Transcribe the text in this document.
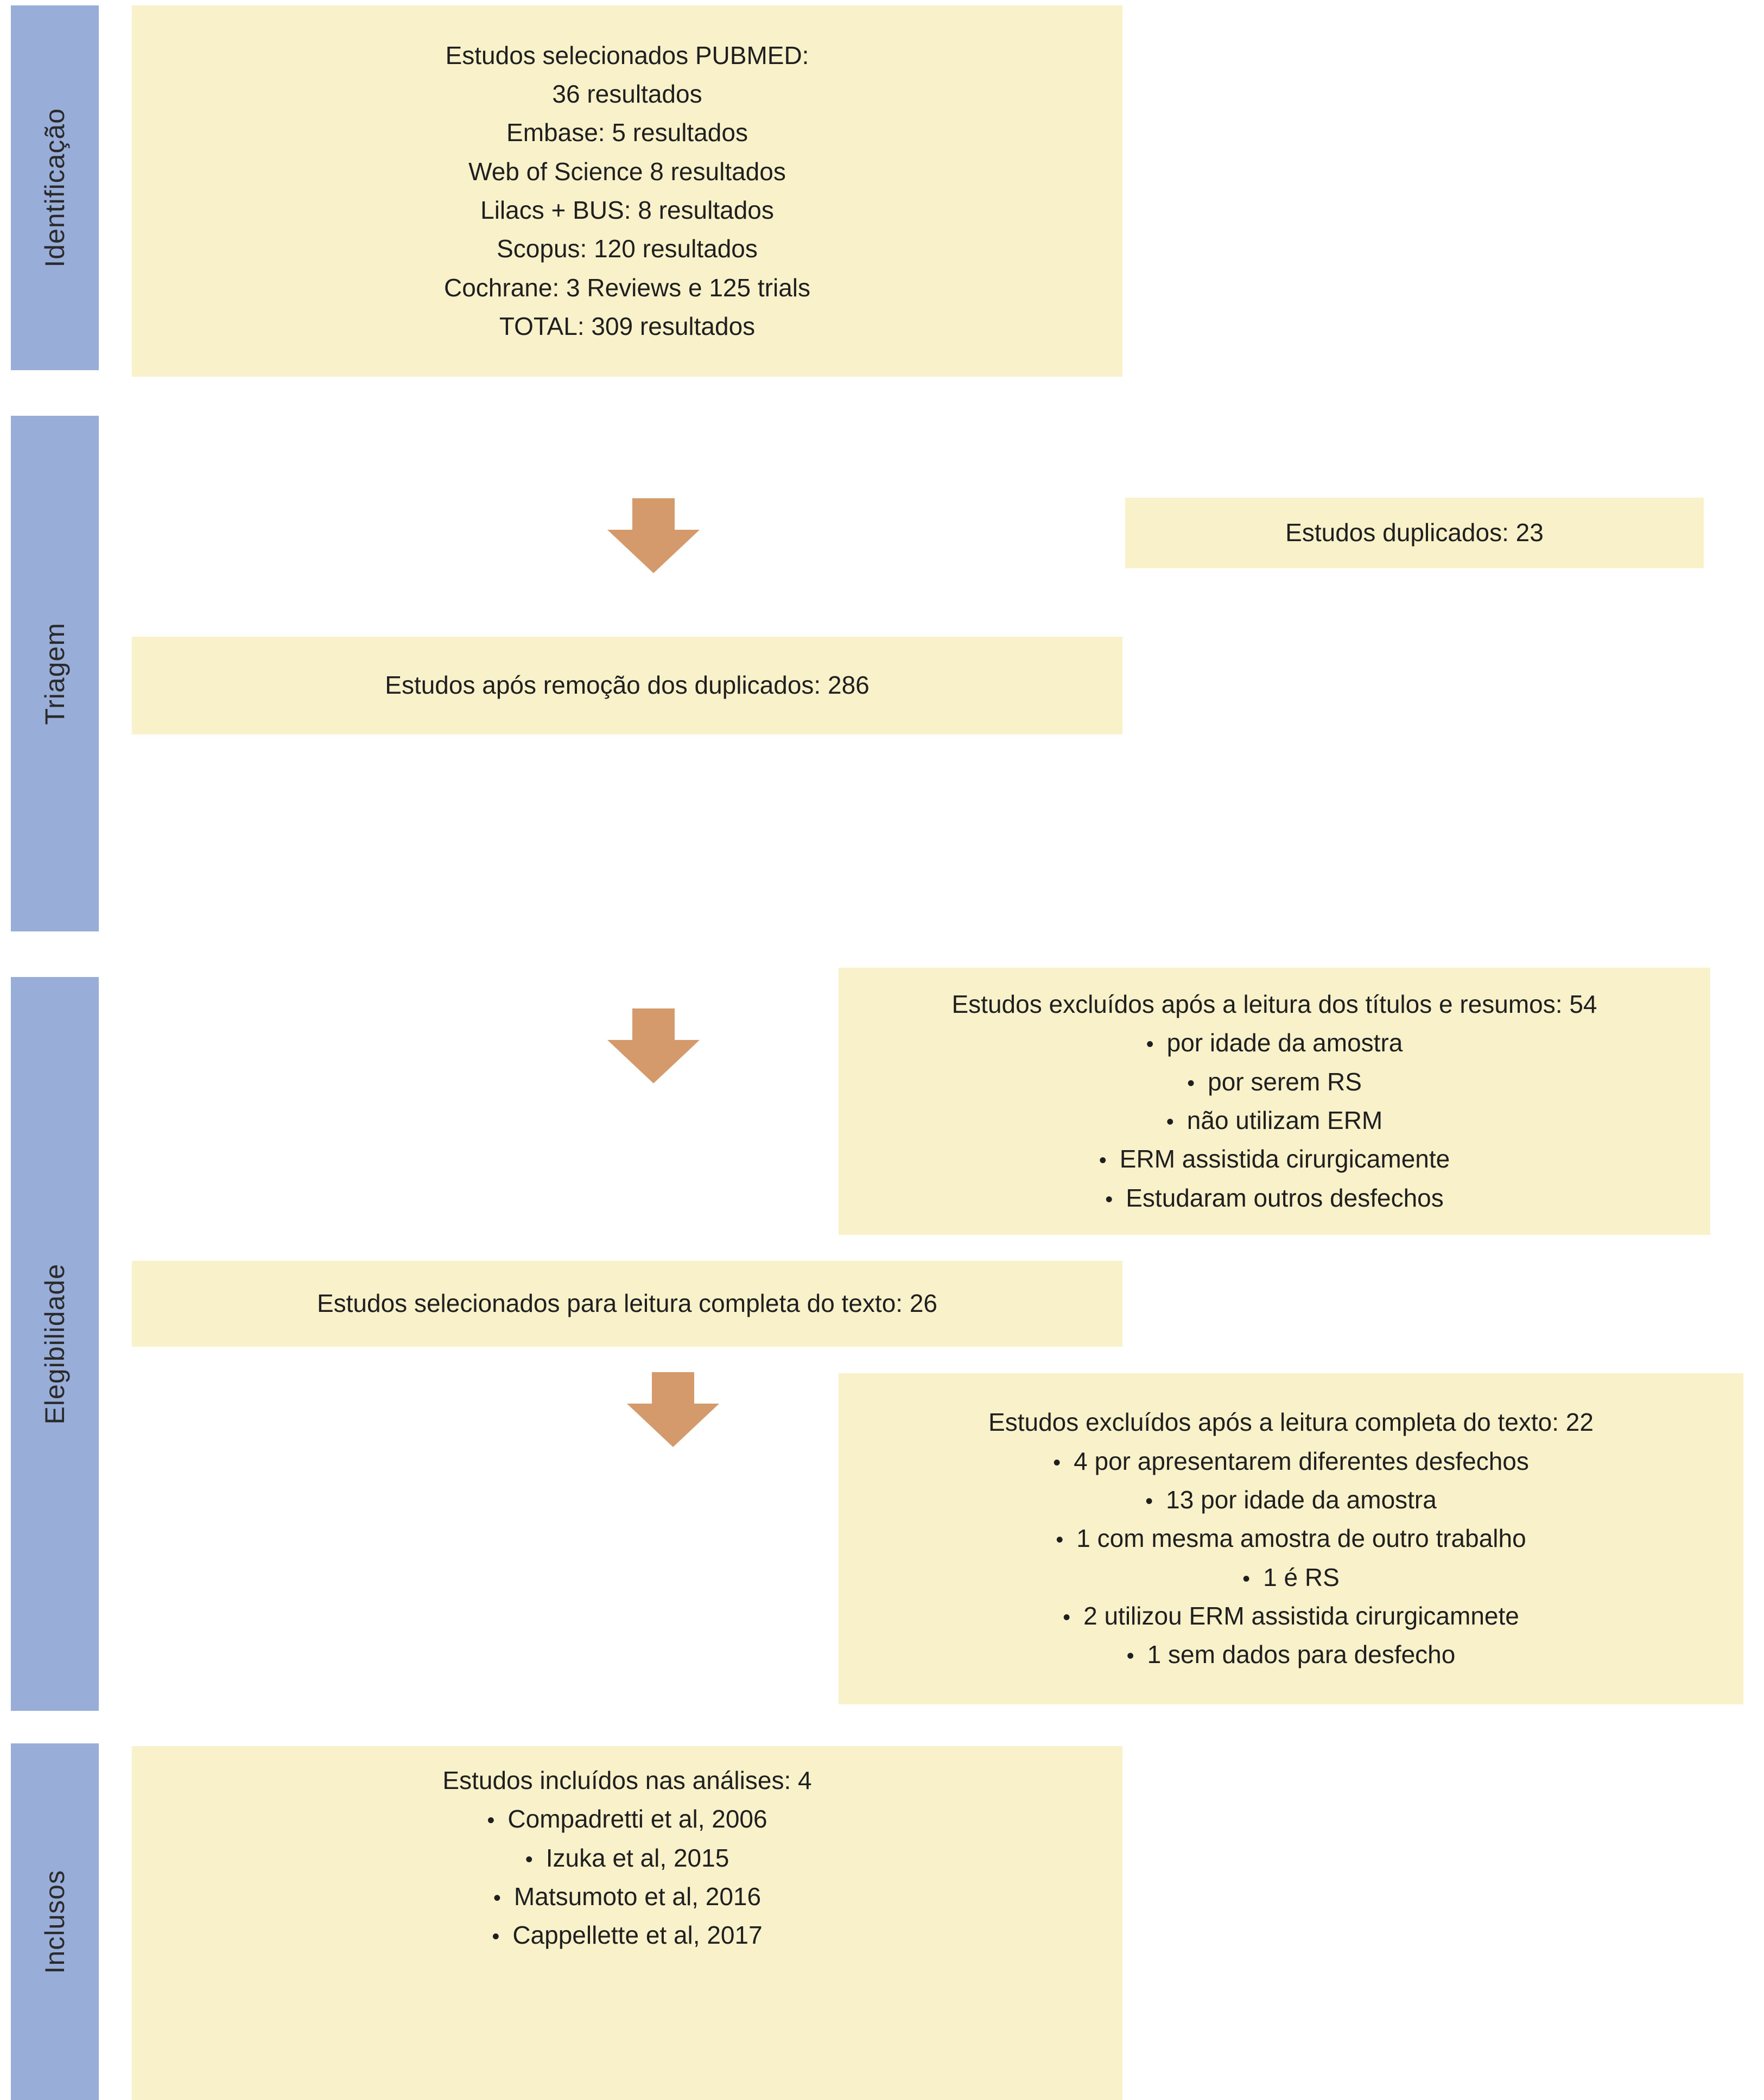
Identificação
Triagem
Elegibilidade
Inclusos
Estudos selecionados PUBMED:
36 resultados
Embase: 5 resultados
Web of Science 8 resultados
Lilacs + BUS: 8 resultados
Scopus: 120 resultados
Cochrane: 3 Reviews e 125 trials
TOTAL: 309 resultados
Estudos duplicados: 23
Estudos após remoção dos duplicados: 286
Estudos excluídos após a leitura dos títulos e resumos: 54
• por idade da amostra
• por serem RS
• não utilizam ERM
• ERM assistida cirurgicamente
• Estudaram outros desfechos
Estudos selecionados para leitura completa do texto: 26
Estudos excluídos após a leitura completa do texto: 22
• 4 por apresentarem diferentes desfechos
• 13 por idade da amostra
• 1 com mesma amostra de outro trabalho
• 1 é RS
• 2 utilizou ERM assistida cirurgicamnete
• 1 sem dados para desfecho
Estudos incluídos nas análises: 4
• Compadretti et al, 2006
• Izuka et al, 2015
• Matsumoto et al, 2016
• Cappellette et al, 2017
